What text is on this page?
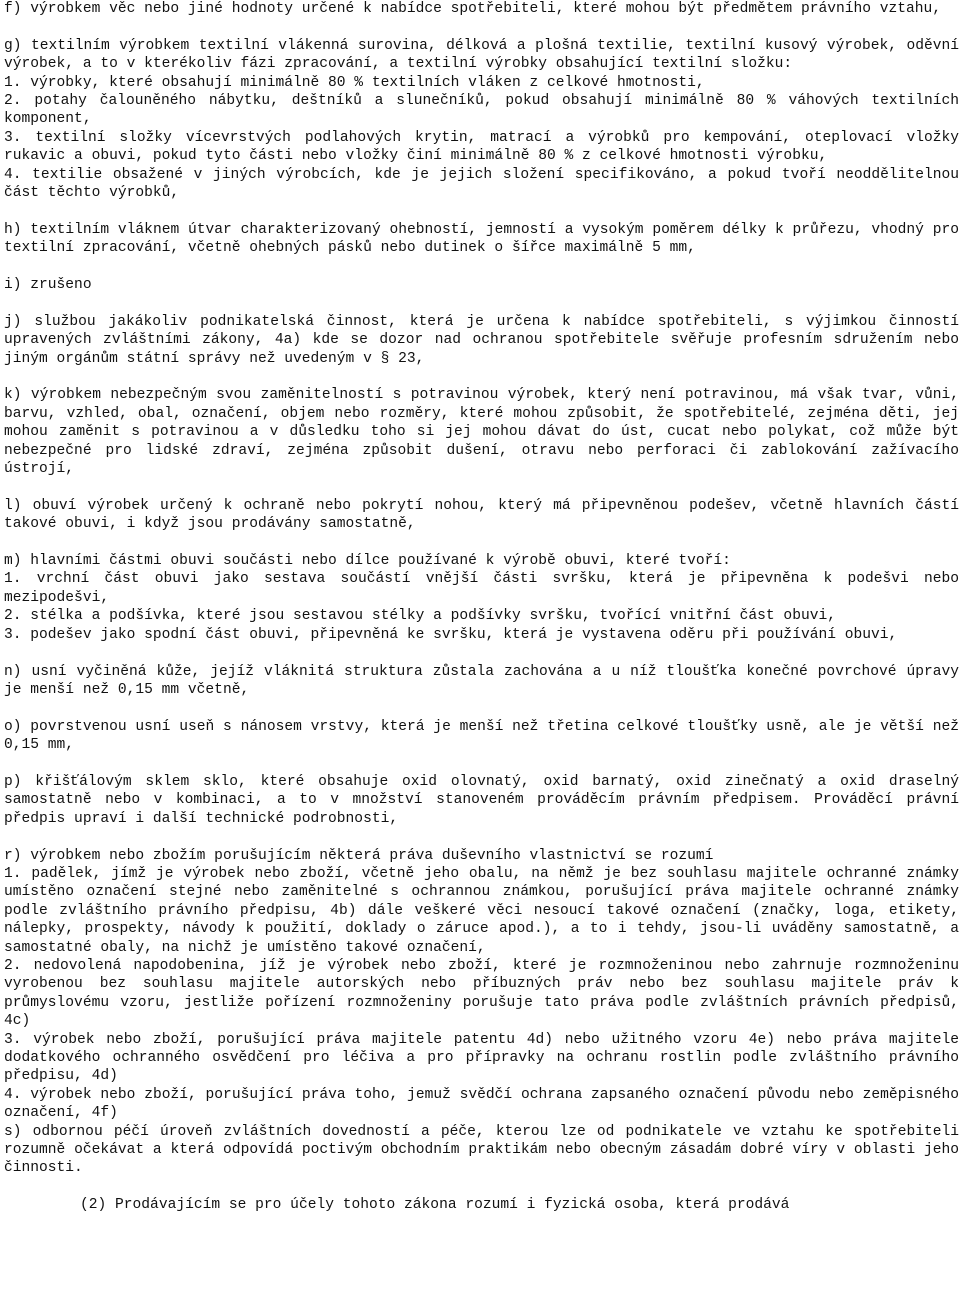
f) výrobkem věc nebo jiné hodnoty určené k nabídce spotřebiteli, které mohou být předmětem právního vztahu,

g) textilním výrobkem textilní vlákenná surovina, délková a plošná textilie, textilní kusový výrobek, oděvní výrobek, a to v kterékoliv fázi zpracování, a textilní výrobky obsahující textilní složku:

1. výrobky, které obsahují minimálně 80 % textilních vláken z celkové hmotnosti,

2. potahy čalouněného nábytku, deštníků a slunečníků, pokud obsahují minimálně 80 % váhových textilních komponent,

3. textilní složky vícevrstvých podlahových krytin, matrací a výrobků pro kempování, oteplovací vložky rukavic a obuvi, pokud tyto části nebo vložky činí minimálně 80 % z celkové hmotnosti výrobku,

4. textilie obsažené v jiných výrobcích, kde je jejich složení specifikováno, a pokud tvoří neoddělitelnou část těchto výrobků,

h) textilním vláknem útvar charakterizovaný ohebností, jemností a vysokým poměrem délky k průřezu, vhodný pro textilní zpracování, včetně ohebných pásků nebo dutinek o šířce maximálně 5 mm,

i) zrušeno

j) službou jakákoliv podnikatelská činnost, která je určena k nabídce spotřebiteli, s výjimkou činností upravených zvláštními zákony, 4a) kde se dozor nad ochranou spotřebitele svěřuje profesním sdružením nebo jiným orgánům státní správy než uvedeným v § 23,

k) výrobkem nebezpečným svou zaměnitelností s potravinou výrobek, který není potravinou, má však tvar, vůni, barvu, vzhled, obal, označení, objem nebo rozměry, které mohou způsobit, že spotřebitelé, zejména děti, jej mohou zaměnit s potravinou a v důsledku toho si jej mohou dávat do úst, cucat nebo polykat, což může být nebezpečné pro lidské zdraví, zejména způsobit dušení, otravu nebo perforaci či zablokování zažívacího ústrojí,

l) obuví výrobek určený k ochraně nebo pokrytí nohou, který má připevněnou podešev, včetně hlavních částí takové obuvi, i když jsou prodávány samostatně,

m) hlavními částmi obuvi součásti nebo dílce používané k výrobě obuvi, které tvoří:

1. vrchní část obuvi jako sestava součástí vnější části svršku, která je připevněna k podešvi nebo mezipodešvi,

2. stélka a podšívka, které jsou sestavou stélky a podšívky svršku, tvořící vnitřní část obuvi,

3. podešev jako spodní část obuvi, připevněná ke svršku, která je vystavena oděru při používání obuvi,

n) usní vyčiněná kůže, jejíž vláknitá struktura zůstala zachována a u níž tloušťka konečné povrchové úpravy je menší než 0,15 mm včetně,

o) povrstvenou usní useň s nánosem vrstvy, která je menší než třetina celkové tloušťky usně, ale je větší než 0,15 mm,

p) křišťálovým sklem sklo, které obsahuje oxid olovnatý, oxid barnatý, oxid zinečnatý a oxid draselný samostatně nebo v kombinaci, a to v množství stanoveném prováděcím právním předpisem. Prováděcí právní předpis upraví i další technické podrobnosti,

r) výrobkem nebo zbožím porušujícím některá práva duševního vlastnictví se rozumí

1. padělek, jímž je výrobek nebo zboží, včetně jeho obalu, na němž je bez souhlasu majitele ochranné známky umístěno označení stejné nebo zaměnitelné s ochrannou známkou, porušující práva majitele ochranné známky podle zvláštního právního předpisu, 4b) dále veškeré věci nesoucí takové označení (značky, loga, etikety, nálepky, prospekty, návody k použití, doklady o záruce apod.), a to i tehdy, jsou-li uváděny samostatně, a samostatné obaly, na nichž je umístěno takové označení,

2. nedovolená napodobenina, jíž je výrobek nebo zboží, které je rozmnoženinou nebo zahrnuje rozmnoženinu vyrobenou bez souhlasu majitele autorských nebo příbuzných práv nebo bez souhlasu majitele práv k průmyslovému vzoru, jestliže pořízení rozmnoženiny porušuje tato práva podle zvláštních právních předpisů, 4c)

3. výrobek nebo zboží, porušující práva majitele patentu 4d) nebo užitného vzoru 4e) nebo práva majitele dodatkového ochranného osvědčení pro léčiva a pro přípravky na ochranu rostlin podle zvláštního právního předpisu, 4d)

4. výrobek nebo zboží, porušující práva toho, jemuž svědčí ochrana zapsaného označení původu nebo zeměpisného označení, 4f)

s) odbornou péčí úroveň zvláštních dovedností a péče, kterou lze od podnikatele ve vztahu ke spotřebiteli rozumně očekávat a která odpovídá poctivým obchodním praktikám nebo obecným zásadám dobré víry v oblasti jeho činnosti.

(2) Prodávajícím se pro účely tohoto zákona rozumí i fyzická osoba, která prodává
